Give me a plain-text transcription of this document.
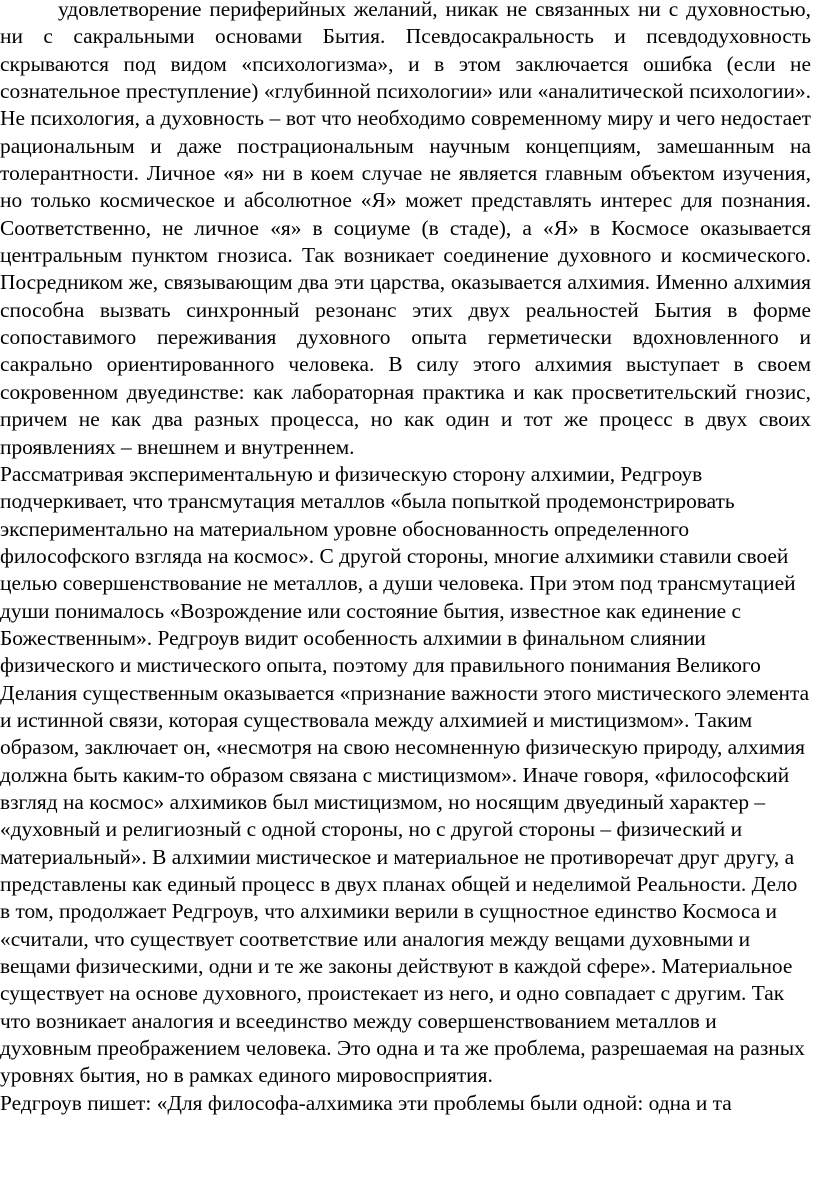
удовлетворение периферийных желаний, никак не связанных ни с духовностью, ни с сакральными основами Бытия. Псевдосакральность и псевдодуховность скрываются под видом «психологизма», и в этом заключается ошибка (если не сознательное преступление) «глубинной психологии» или «аналитической психологии». Не психология, а духовность – вот что необходимо современному миру и чего недостает рациональным и даже пострациональным научным концепциям, замешанным на толерантности. Личное «я» ни в коем случае не является главным объектом изучения, но только космическое и абсолютное «Я» может представлять интерес для познания. Соответственно, не личное «я» в социуме (в стаде), а «Я» в Космосе оказывается центральным пунктом гнозиса. Так возникает соединение духовного и космического. Посредником же, связывающим два эти царства, оказывается алхимия. Именно алхимия способна вызвать синхронный резонанс этих двух реальностей Бытия в форме сопоставимого переживания духовного опыта герметически вдохновленного и сакрально ориентированного человека. В силу этого алхимия выступает в своем сокровенном двуединстве: как лабораторная практика и как просветительский гнозис, причем не как два разных процесса, но как один и тот же процесс в двух своих проявлениях – внешнем и внутреннем.

Рассматривая экспериментальную и физическую сторону алхимии, Редгроув подчеркивает, что трансмутация металлов «была попыткой продемонстрировать экспериментально на материальном уровне обоснованность определенного философского взгляда на космос». С другой стороны, многие алхимики ставили своей целью совершенствование не металлов, а души человека. При этом под трансмутацией души понималось «Возрождение или состояние бытия, известное как единение с Божественным». Редгроув видит особенность алхимии в финальном слиянии физического и мистического опыта, поэтому для правильного понимания Великого Делания существенным оказывается «признание важности этого мистического элемента и истинной связи, которая существовала между алхимией и мистицизмом». Таким образом, заключает он, «несмотря на свою несомненную физическую природу, алхимия должна быть каким-то образом связана с мистицизмом». Иначе говоря, «философский взгляд на космос» алхимиков был мистицизмом, но носящим двуединый характер – «духовный и религиозный с одной стороны, но с другой стороны – физический и материальный». В алхимии мистическое и материальное не противоречат друг другу, а представлены как единый процесс в двух планах общей и неделимой Реальности. Дело в том, продолжает Редгроув, что алхимики верили в сущностное единство Космоса и «считали, что существует соответствие или аналогия между вещами духовными и вещами физическими, одни и те же законы действуют в каждой сфере». Материальное существует на основе духовного, проистекает из него, и одно совпадает с другим. Так что возникает аналогия и всеединство между совершенствованием металлов и духовным преображением человека. Это одна и та же проблема, разрешаемая на разных уровнях бытия, но в рамках единого мировосприятия.

Редгроув пишет: «Для философа-алхимика эти проблемы были одной: одна и та
